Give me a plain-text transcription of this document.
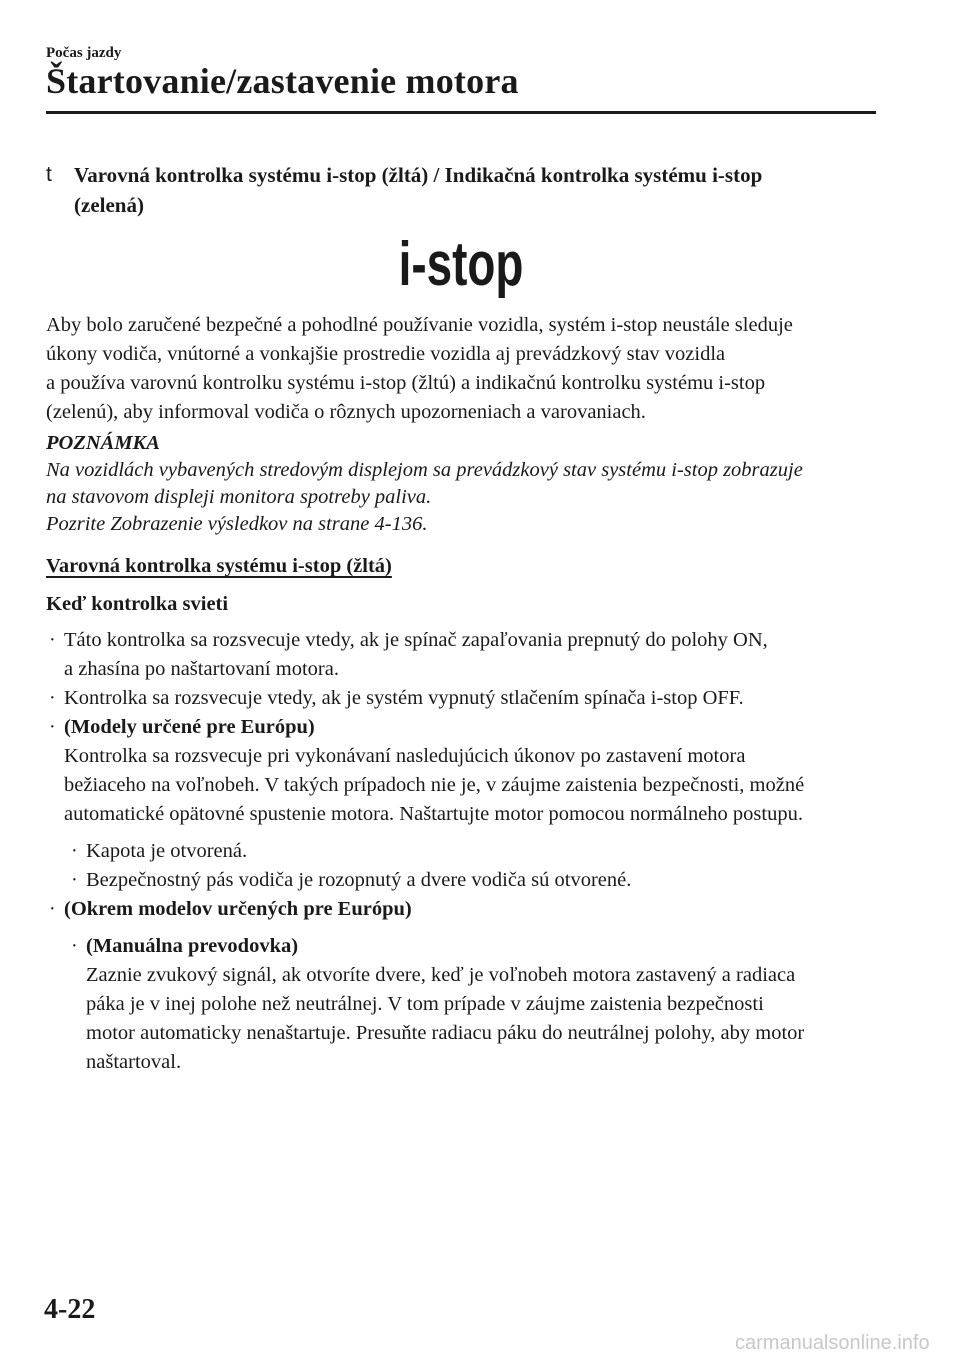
Počas jazdy
Štartovanie/zastavenie motora
t Varovná kontrolka systému i-stop (žltá) / Indikačná kontrolka systému i-stop
(zelená)
i-stop
Aby bolo zaručené bezpečné a pohodlné používanie vozidla, systém i-stop neustále sleduje
úkony vodiča, vnútorné a vonkajšie prostredie vozidla aj prevádzkový stav vozidla
a používa varovnú kontrolku systému i-stop (žltú) a indikačnú kontrolku systému i-stop
(zelenú), aby informoval vodiča o rôznych upozorneniach a varovaniach.
POZNÁMKA
Na vozidlách vybavených stredovým displejom sa prevádzkový stav systému i-stop zobrazuje
na stavovom displeji monitora spotreby paliva.
Pozrite Zobrazenie výsledkov na strane 4-136.
Varovná kontrolka systému i-stop (žltá)
Keď kontrolka svieti
· Táto kontrolka sa rozsvecuje vtedy, ak je spínač zapaľovania prepnutý do polohy ON,
a zhasína po naštartovaní motora.
· Kontrolka sa rozsvecuje vtedy, ak je systém vypnutý stlačením spínača i-stop OFF.
· (Modely určené pre Európu)
Kontrolka sa rozsvecuje pri vykonávaní nasledujúcich úkonov po zastavení motora
bežiaceho na voľnobeh. V takých prípadoch nie je, v záujme zaistenia bezpečnosti, možné
automatické opätovné spustenie motora. Naštartujte motor pomocou normálneho postupu.
· Kapota je otvorená.
· Bezpečnostný pás vodiča je rozopnutý a dvere vodiča sú otvorené.
· (Okrem modelov určených pre Európu)
· (Manuálna prevodovka)
Zaznie zvukový signál, ak otvoríte dvere, keď je voľnobeh motora zastavený a radiaca
páka je v inej polohe než neutrálnej. V tom prípade v záujme zaistenia bezpečnosti
motor automaticky nenaštartuje. Presuňte radiacu páku do neutrálnej polohy, aby motor
naštartoval.
4-22
carmanualsonline.info
